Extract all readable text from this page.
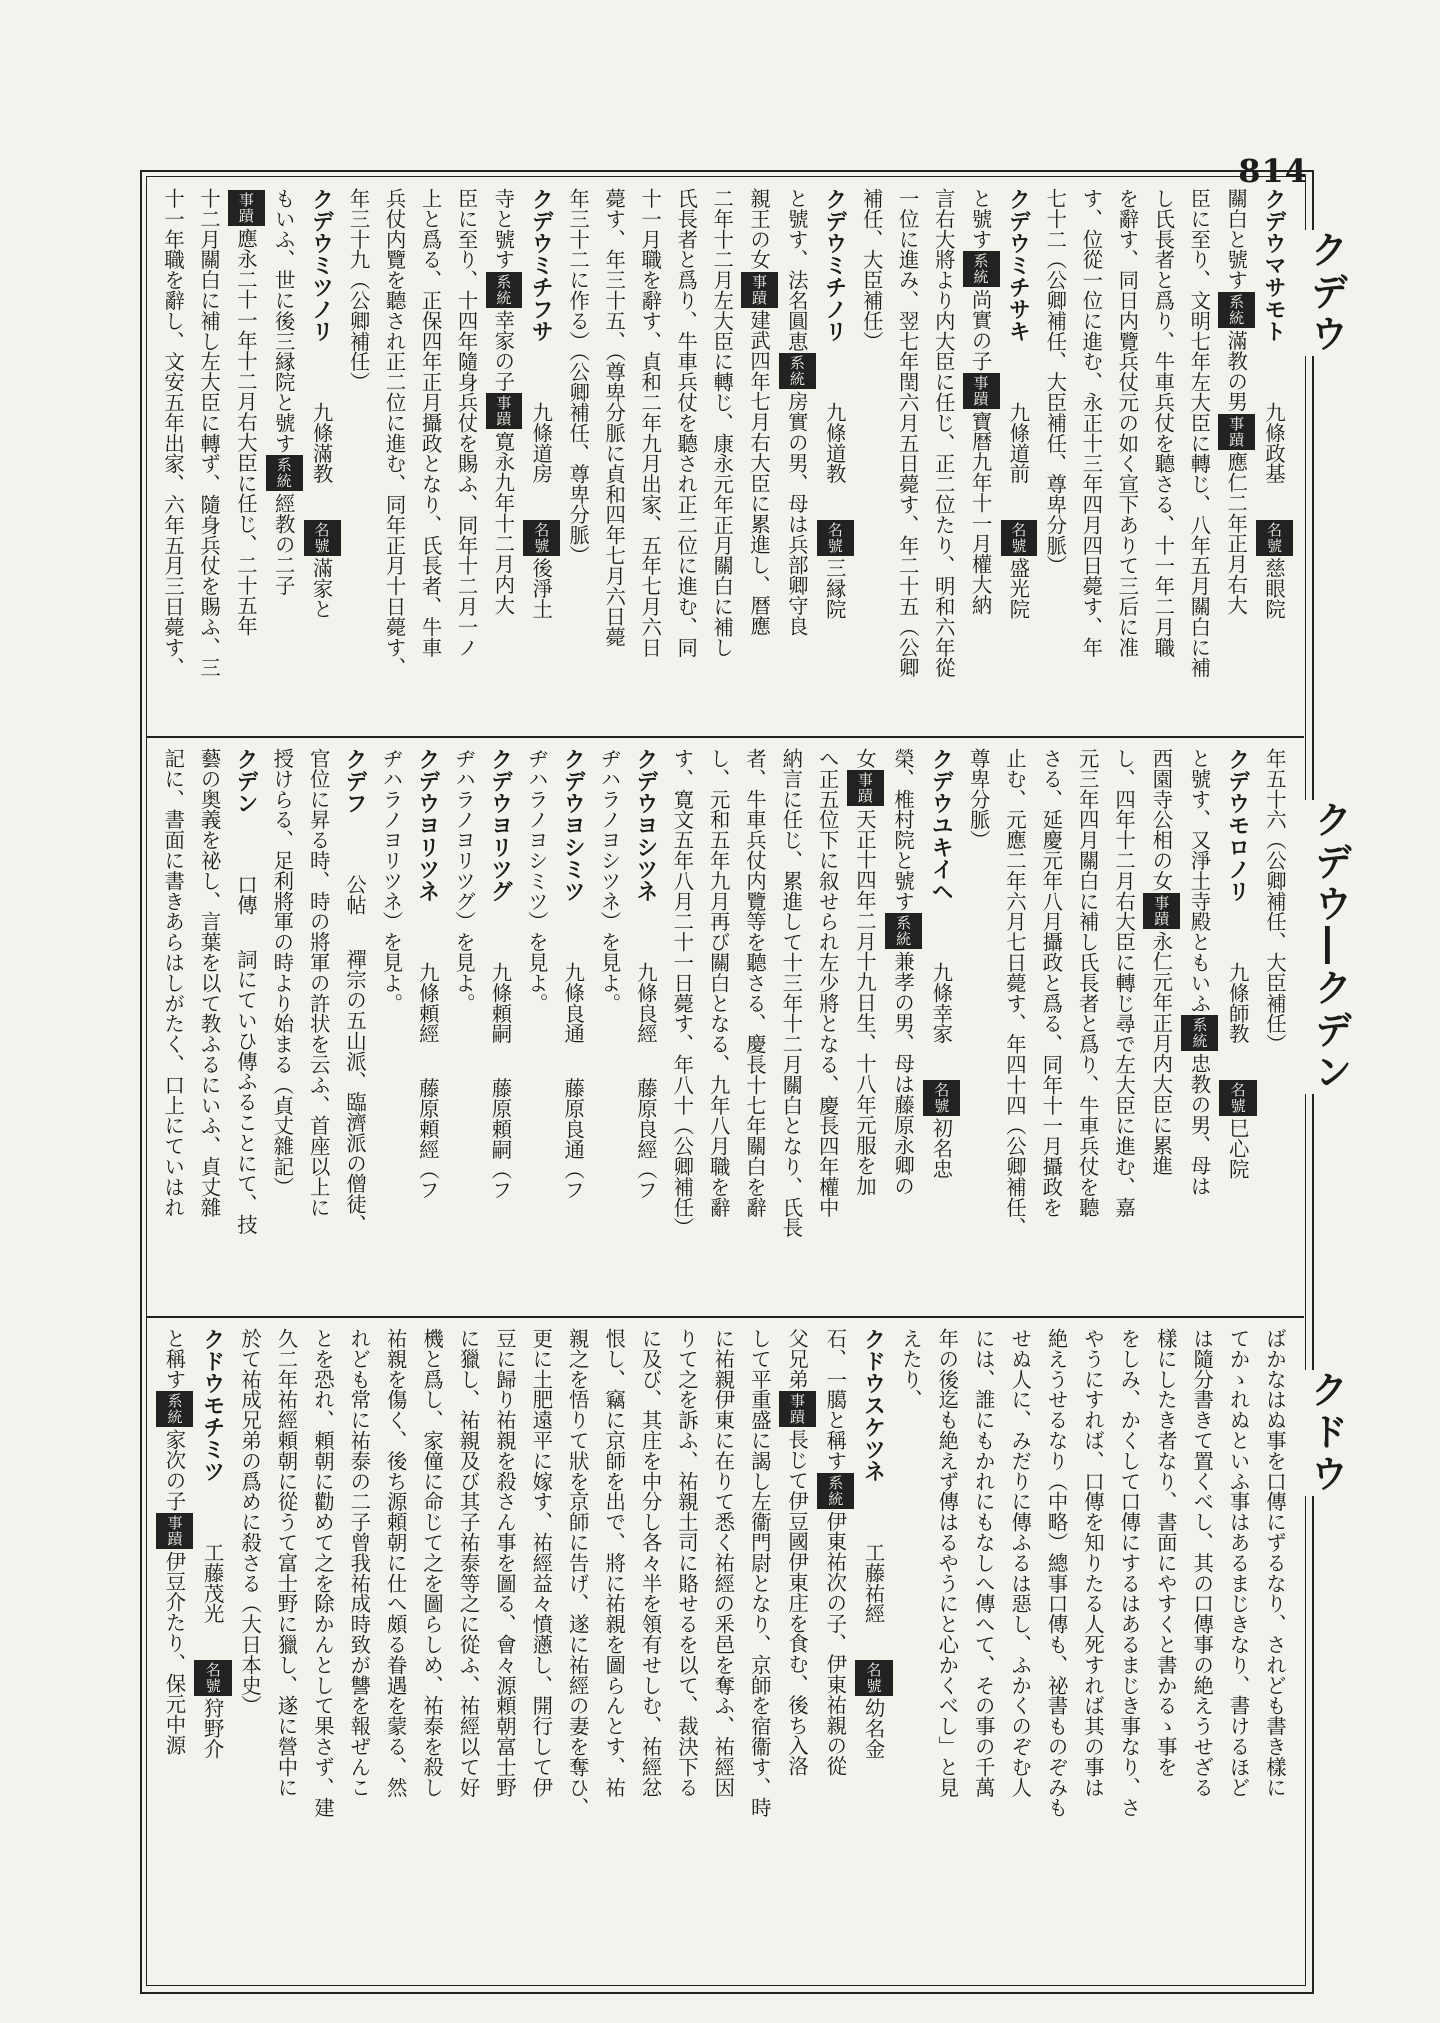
814
クデウマサモト九條政基名號慈眼院
關白と號す系統滿教の男事蹟應仁二年正月右大
臣に至り、文明七年左大臣に轉じ、八年五月關白に補
し氏長者と爲り、牛車兵仗を聽さる、十一年二月職
を辭す、同日内覽兵仗元の如く宣下ありて三后に准
す、位從一位に進む、永正十三年四月四日薨す、年
七十二（公卿補任、大臣補任、尊卑分脈）
クデウミチサキ九條道前名號盛光院
と號す系統尚實の子事蹟寶暦九年十一月權大納
言右大將より内大臣に任じ、正二位たり、明和六年從
一位に進み、翌七年閏六月五日薨す、年二十五（公卿
補任、大臣補任）
クデウミチノリ九條道教名號三縁院
と號す、法名圓恵系統房實の男、母は兵部卿守良
親王の女事蹟建武四年七月右大臣に累進し、暦應
二年十二月左大臣に轉じ、康永元年正月關白に補し
氏長者と爲り、牛車兵仗を聽され正二位に進む、同
十一月職を辭す、貞和二年九月出家、五年七月六日
薨す、年三十五、（尊卑分脈に貞和四年七月六日薨
年三十二に作る）（公卿補任、尊卑分脈）
クデウミチフサ九條道房名號後淨土
寺と號す系統幸家の子事蹟寛永九年十二月内大
臣に至り、十四年隨身兵仗を賜ふ、同年十二月一ノ
上と爲る、正保四年正月攝政となり、氏長者、牛車
兵仗内覽を聽され正二位に進む、同年正月十日薨す、
年三十九（公卿補任）
クデウミツノリ九條滿教名號滿家と
もいふ、世に後三縁院と號す系統經教の二子
事蹟應永二十一年十二月右大臣に任じ、二十五年
十二月關白に補し左大臣に轉ず、隨身兵仗を賜ふ、三
十一年職を辭し、文安五年出家、六年五月三日薨す、
年五十六（公卿補任、大臣補任）
クデウモロノリ九條師教名號巳心院
と號す、又淨土寺殿ともいふ系統忠教の男、母は
西園寺公相の女事蹟永仁元年正月内大臣に累進
し、四年十二月右大臣に轉じ尋で左大臣に進む、嘉
元三年四月關白に補し氏長者と爲り、牛車兵仗を聽
さる、延慶元年八月攝政と爲る、同年十一月攝政を
止む、元應二年六月七日薨す、年四十四（公卿補任、
尊卑分脈）
クデウユキイヘ九條幸家名號初名忠
榮、椎村院と號す系統兼孝の男、母は藤原永卿の
女事蹟天正十四年二月十九日生、十八年元服を加
へ正五位下に叙せられ左少將となる、慶長四年權中
納言に任じ、累進して十三年十二月關白となり、氏長
者、牛車兵仗内覽等を聽さる、慶長十七年關白を辭
し、元和五年九月再び關白となる、九年八月職を辭
す、寛文五年八月二十一日薨す、年八十（公卿補任）
クデウヨシツネ九條良經藤原良經（フ
ヂハラノヨシツネ）を見よ。
クデウヨシミツ九條良通藤原良通（フ
ヂハラノヨシミツ）を見よ。
クデウヨリツグ九條頼嗣藤原頼嗣（フ
ヂハラノヨリツグ）を見よ。
クデウヨリツネ九條頼經藤原頼經（フ
ヂハラノヨリツネ）を見よ。
クデフ公帖禪宗の五山派、臨濟派の僧徒、
官位に昇る時、時の將軍の許状を云ふ、首座以上に
授けらる、足利將軍の時より始まる（貞丈雜記）
クデン口傳詞にていひ傳ふることにて、技
藝の奥義を祕し、言葉を以て教ふるにいふ、貞丈雜
記に、書面に書きあらはしがたく、口上にていはれ
ばかなはぬ事を口傳にずるなり、されども書き樣に
てかゝれぬといふ事はあるまじきなり、書けるほど
は隨分書きて置くべし、其の口傳事の絶えうせざる
樣にしたき者なり、書面にやすくと書かるゝ事を
をしみ、かくして口傳にするはあるまじき事なり、さ
やうにすれば、口傳を知りたる人死すれば其の事は
絶えうせるなり（中略）總事口傳も、祕書ものぞみも
せぬ人に、みだりに傳ふるは惡し、ふかくのぞむ人
には、誰にもかれにもなしへ傳へて、その事の千萬
年の後迄も絶えず傳はるやうにと心かくべし」と見
えたり、
クドウスケツネ工藤祐經名號幼名金
石、一臈と稱す系統伊東祐次の子、伊東祐親の從
父兄弟事蹟長じて伊豆國伊東庄を食む、後ち入洛
して平重盛に謁し左衞門尉となり、京師を宿衞す、時
に祐親伊東に在りて悉く祐經の釆邑を奪ふ、祐經因
りて之を訴ふ、祐親土司に賂せるを以て、裁決下る
に及び、其庄を中分し各々半を領有せしむ、祐經忿
恨し、竊に京師を出で、將に祐親を圖らんとす、祐
親之を悟りて狀を京師に告げ、遂に祐經の妻を奪ひ、
更に土肥遠平に嫁す、祐經益々憤懣し、開行して伊
豆に歸り祐親を殺さん事を圖る、會々源頼朝富士野
に獵し、祐親及び其子祐泰等之に從ふ、祐經以て好
機と爲し、家僮に命じて之を圖らしめ、祐泰を殺し
祐親を傷く、後ち源頼朝に仕へ頗る眷遇を蒙る、然
れども常に祐泰の二子曾我祐成時致が讐を報ぜんこ
とを恐れ、頼朝に勸めて之を除かんとして果さず、建
久二年祐經頼朝に從うて富士野に獵し、遂に營中に
於て祐成兄弟の爲めに殺さる（大日本史）
クドウモチミツ工藤茂光名號狩野介
と稱す系統家次の子事蹟伊豆介たり、保元中源
クデウ
クデウ―クデン
クドウ
